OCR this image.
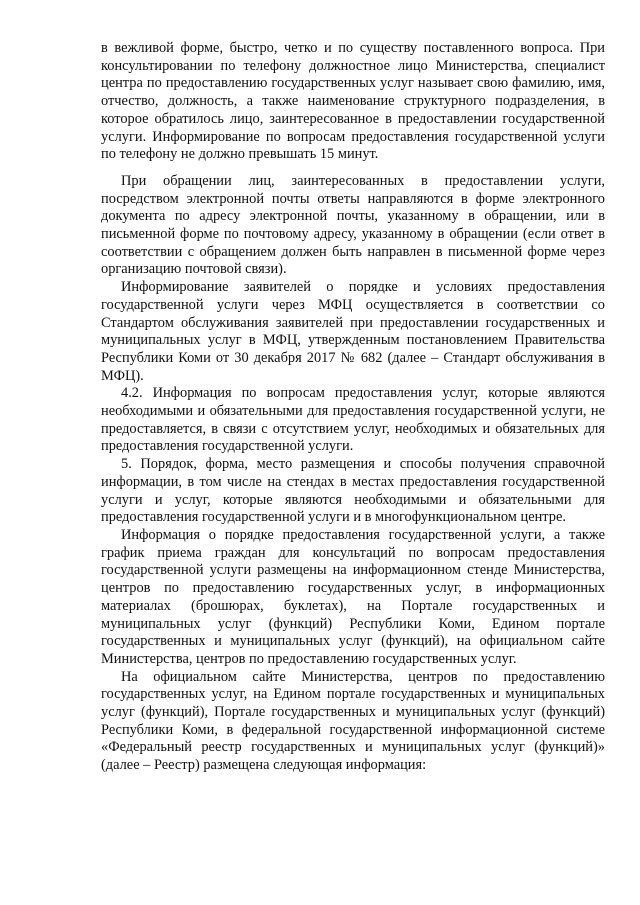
в вежливой форме, быстро, четко и по существу поставленного вопроса. При консультировании по телефону должностное лицо Министерства, специалист центра по предоставлению государственных услуг называет свою фамилию, имя, отчество, должность, а также наименование структурного подразделения, в которое обратилось лицо, заинтересованное в предоставлении государственной услуги. Информирование по вопросам предоставления государственной услуги по телефону не должно превышать 15 минут.

При обращении лиц, заинтересованных в предоставлении услуги, посредством электронной почты ответы направляются в форме электронного документа по адресу электронной почты, указанному в обращении, или в письменной форме по почтовому адресу, указанному в обращении (если ответ в соответствии с обращением должен быть направлен в письменной форме через организацию почтовой связи).

Информирование заявителей о порядке и условиях предоставления государственной услуги через МФЦ осуществляется в соответствии со Стандартом обслуживания заявителей при предоставлении государственных и муниципальных услуг в МФЦ, утвержденным постановлением Правительства Республики Коми от 30 декабря 2017 № 682 (далее – Стандарт обслуживания в МФЦ).

4.2. Информация по вопросам предоставления услуг, которые являются необходимыми и обязательными для предоставления государственной услуги, не предоставляется, в связи с отсутствием услуг, необходимых и обязательных для предоставления государственной услуги.

5. Порядок, форма, место размещения и способы получения справочной информации, в том числе на стендах в местах предоставления государственной услуги и услуг, которые являются необходимыми и обязательными для предоставления государственной услуги и в многофункциональном центре.

Информация о порядке предоставления государственной услуги, а также график приема граждан для консультаций по вопросам предоставления государственной услуги размещены на информационном стенде Министерства, центров по предоставлению государственных услуг, в информационных материалах (брошюрах, буклетах), на Портале государственных и муниципальных услуг (функций) Республики Коми, Едином портале государственных и муниципальных услуг (функций), на официальном сайте Министерства, центров по предоставлению государственных услуг.

На официальном сайте Министерства, центров по предоставлению государственных услуг, на Едином портале государственных и муниципальных услуг (функций), Портале государственных и муниципальных услуг (функций) Республики Коми, в федеральной государственной информационной системе «Федеральный реестр государственных и муниципальных услуг (функций)» (далее – Реестр) размещена следующая информация:
